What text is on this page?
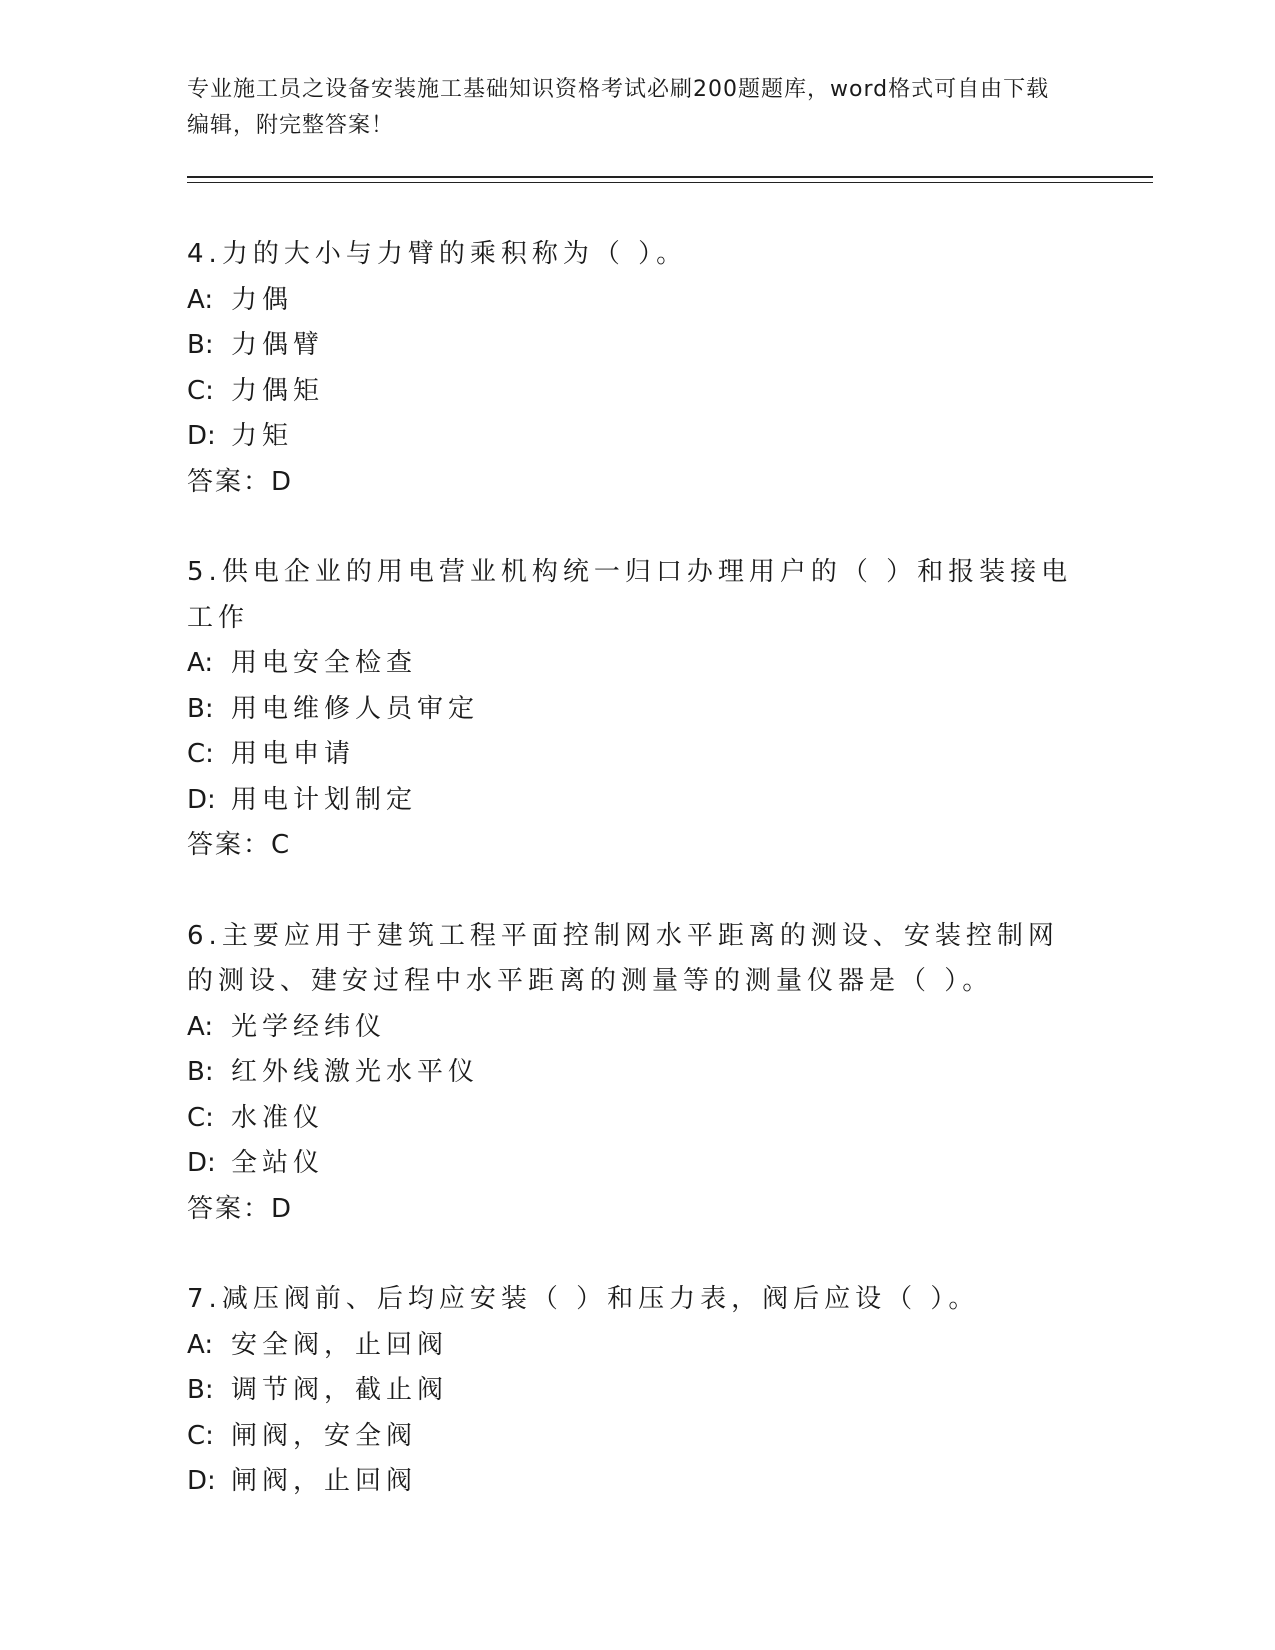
专业施工员之设备安装施工基础知识资格考试必刷200题题库，word格式可自由下载编辑，附完整答案！
4.力的大小与力臂的乘积称为（ ）。
A: 力偶
B: 力偶臂
C: 力偶矩
D: 力矩
答案：D
5.供电企业的用电营业机构统一归口办理用户的（ ）和报装接电工作
A: 用电安全检查
B: 用电维修人员审定
C: 用电申请
D: 用电计划制定
答案：C
6.主要应用于建筑工程平面控制网水平距离的测设、安装控制网的测设、建安过程中水平距离的测量等的测量仪器是（ ）。
A: 光学经纬仪
B: 红外线激光水平仪
C: 水准仪
D: 全站仪
答案：D
7.减压阀前、后均应安装（ ）和压力表，阀后应设（ ）。
A: 安全阀，止回阀
B: 调节阀，截止阀
C: 闸阀，安全阀
D: 闸阀，止回阀
